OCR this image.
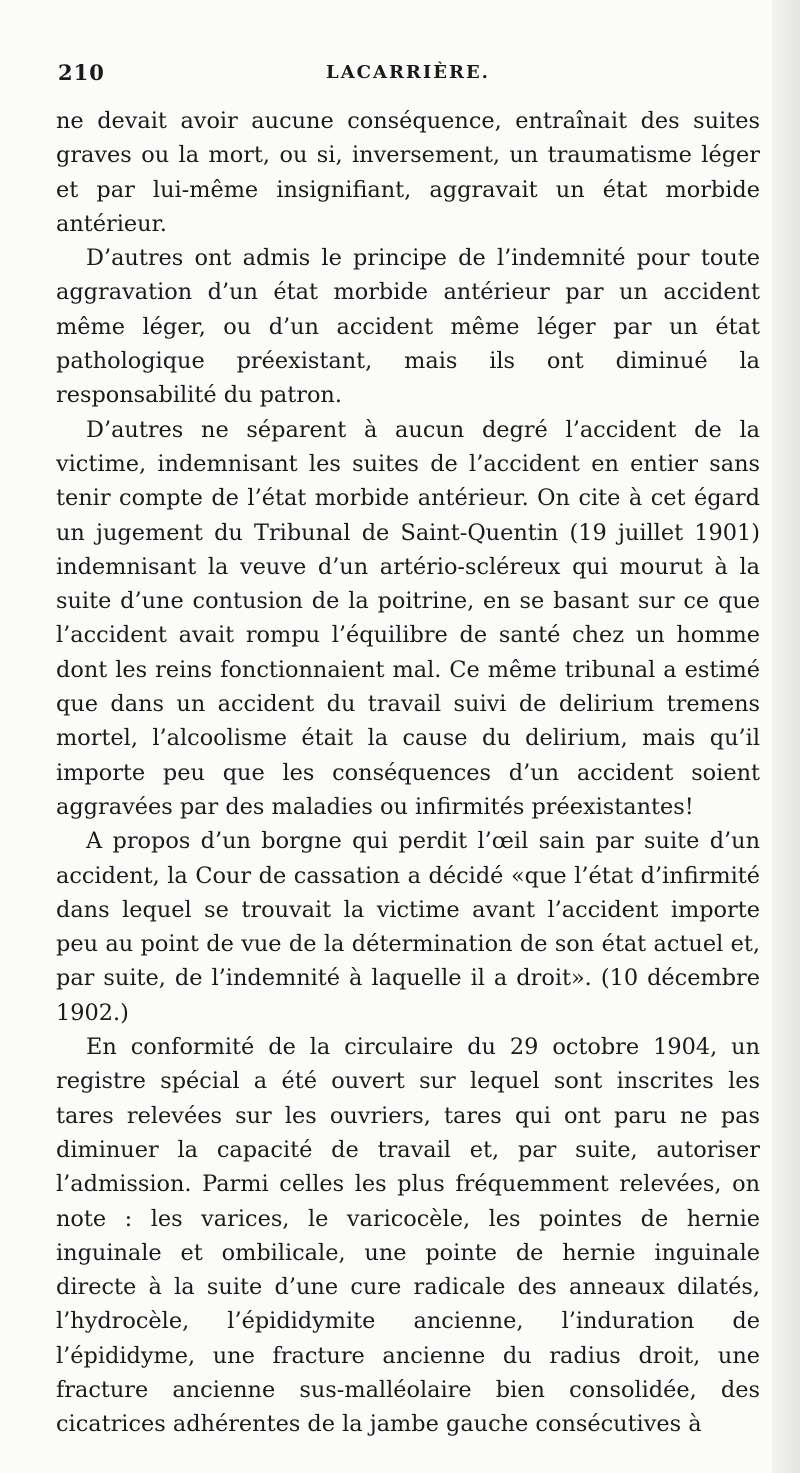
210	LACARRIÈRE.

ne devait avoir aucune conséquence, entraînait des suites graves ou la mort, ou si, inversement, un traumatisme léger et par lui-même insignifiant, aggravait un état morbide antérieur.

D’autres ont admis le principe de l’indemnité pour toute aggravation d’un état morbide antérieur par un accident même léger, ou d’un accident même léger par un état pathologique préexistant, mais ils ont diminué la responsabilité du patron.

D’autres ne séparent à aucun degré l’accident de la victime, indemnisant les suites de l’accident en entier sans tenir compte de l’état morbide antérieur. On cite à cet égard un jugement du Tribunal de Saint-Quentin (19 juillet 1901) indemnisant la veuve d’un artério-scléreux qui mourut à la suite d’une contusion de la poitrine, en se basant sur ce que l’accident avait rompu l’équilibre de santé chez un homme dont les reins fonctionnaient mal. Ce même tribunal a estimé que dans un accident du travail suivi de delirium tremens mortel, l’alcoolisme était la cause du delirium, mais qu’il importe peu que les conséquences d’un accident soient aggravées par des maladies ou infirmités préexistantes!

A propos d’un borgne qui perdit l’œil sain par suite d’un accident, la Cour de cassation a décidé «que l’état d’infirmité dans lequel se trouvait la victime avant l’accident importe peu au point de vue de la détermination de son état actuel et, par suite, de l’indemnité à laquelle il a droit». (10 décembre 1902.)

En conformité de la circulaire du 29 octobre 1904, un registre spécial a été ouvert sur lequel sont inscrites les tares relevées sur les ouvriers, tares qui ont paru ne pas diminuer la capacité de travail et, par suite, autoriser l’admission. Parmi celles les plus fréquemment relevées, on note : les varices, le varicocèle, les pointes de hernie inguinale et ombilicale, une pointe de hernie inguinale directe à la suite d’une cure radicale des anneaux dilatés, l’hydrocèle, l’épididymite ancienne, l’induration de l’épididyme, une fracture ancienne du radius droit, une fracture ancienne sus-malléolaire bien consolidée, des cicatrices adhérentes de la jambe gauche consécutives à
